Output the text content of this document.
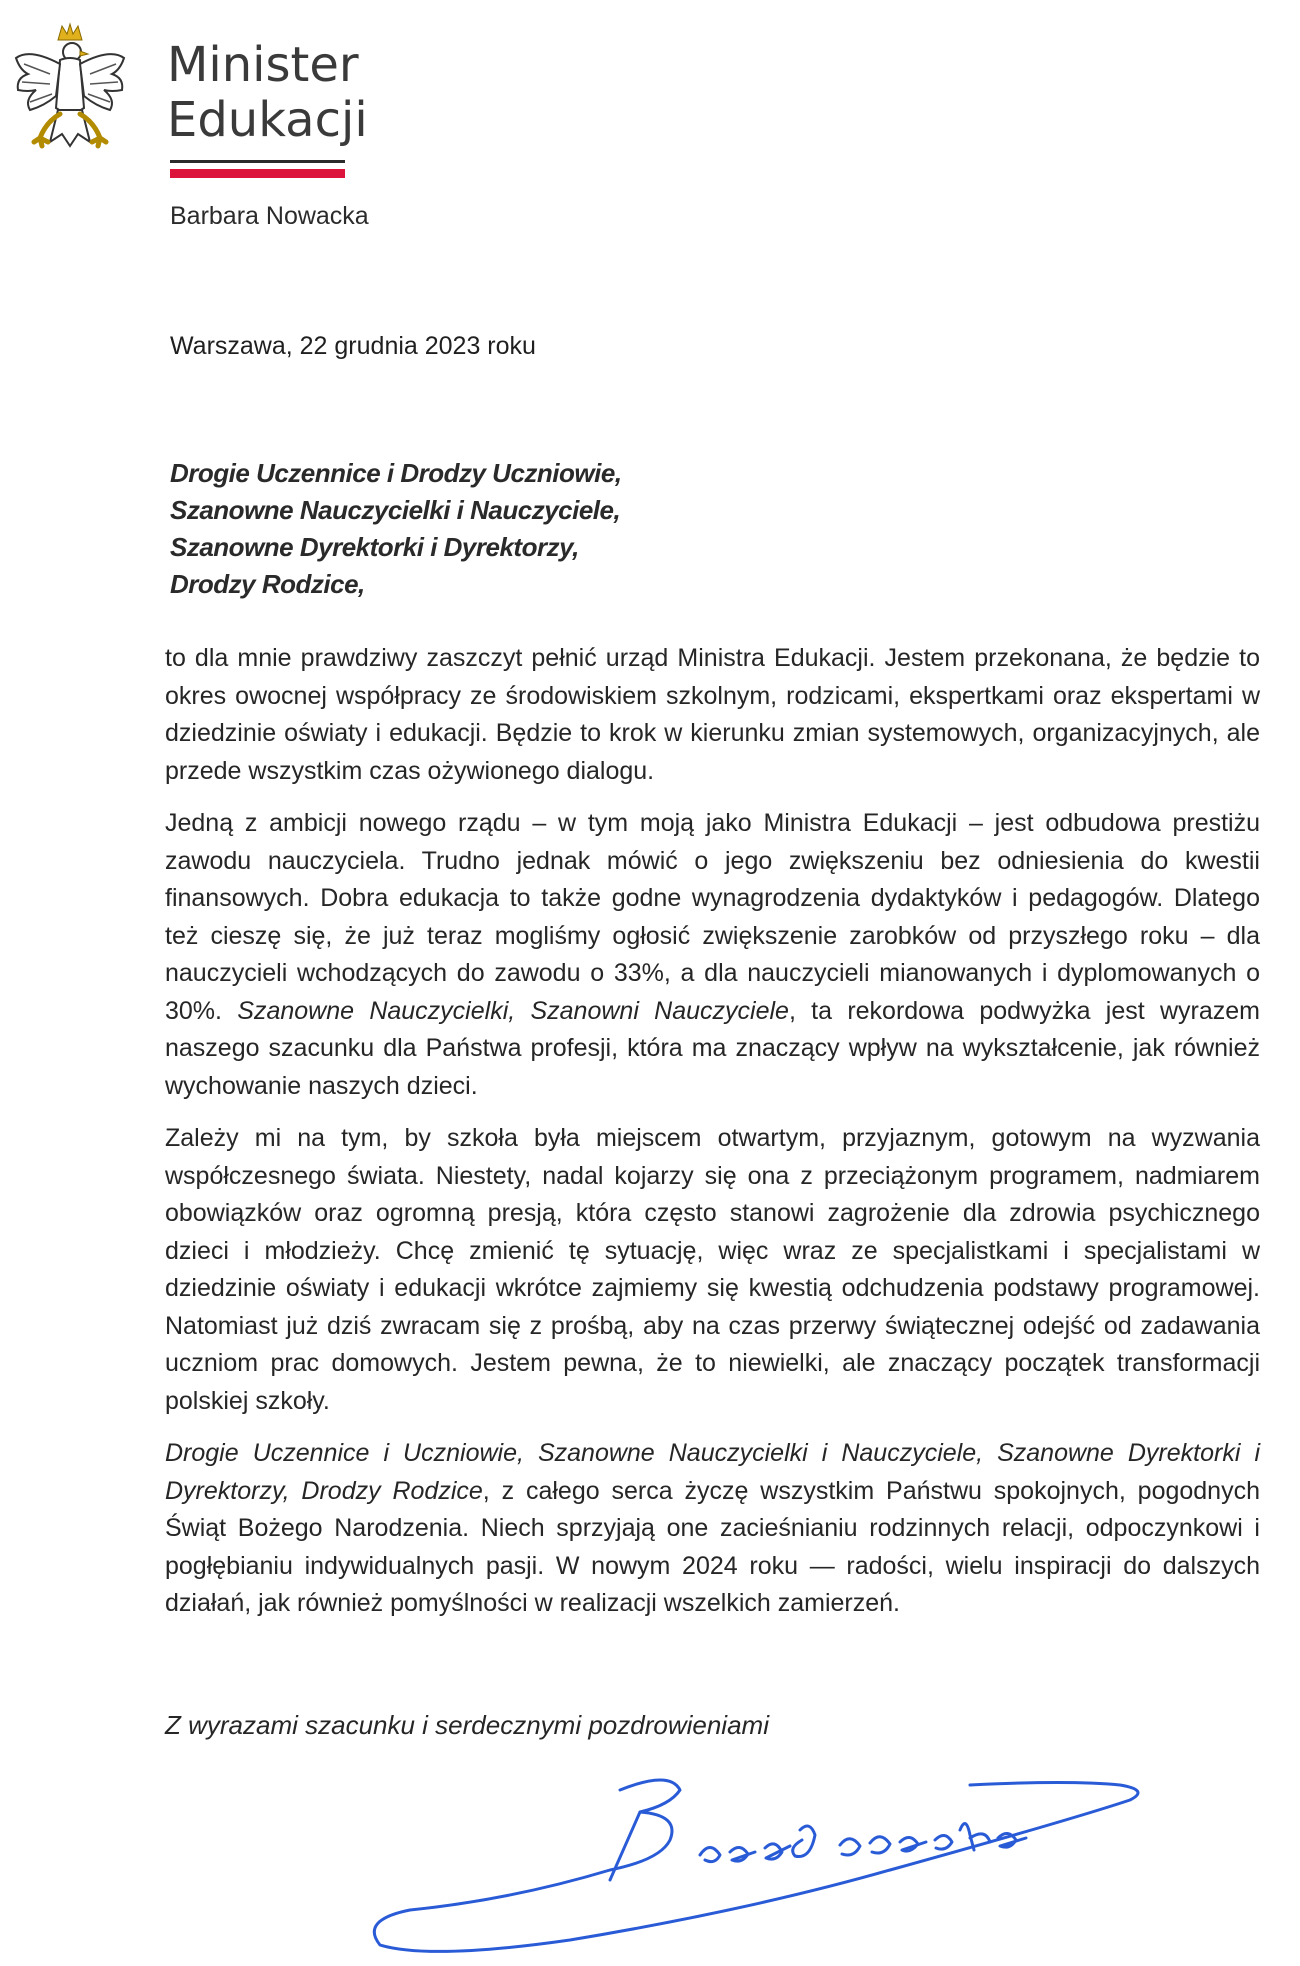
Minister
Edukacji
Barbara Nowacka
Warszawa, 22 grudnia 2023 roku
Drogie Uczennice i Drodzy Uczniowie,
Szanowne Nauczycielki i Nauczyciele,
Szanowne Dyrektorki i Dyrektorzy,
Drodzy Rodzice,

to dla mnie prawdziwy zaszczyt pełnić urząd Ministra Edukacji. Jestem przekonana, że będzie to okres owocnej współpracy ze środowiskiem szkolnym, rodzicami, ekspertkami oraz ekspertami w dziedzinie oświaty i edukacji. Będzie to krok w kierunku zmian systemowych, organizacyjnych, ale przede wszystkim czas ożywionego dialogu.

Jedną z ambicji nowego rządu – w tym moją jako Ministra Edukacji – jest odbudowa prestiżu zawodu nauczyciela. Trudno jednak mówić o jego zwiększeniu bez odniesienia do kwestii finansowych. Dobra edukacja to także godne wynagrodzenia dydaktyków i pedagogów. Dlatego też cieszę się, że już teraz mogliśmy ogłosić zwiększenie zarobków od przyszłego roku – dla nauczycieli wchodzących do zawodu o 33%, a dla nauczycieli mianowanych i dyplomowanych o 30%. Szanowne Nauczycielki, Szanowni Nauczyciele, ta rekordowa podwyżka jest wyrazem naszego szacunku dla Państwa profesji, która ma znaczący wpływ na wykształcenie, jak również wychowanie naszych dzieci.

Zależy mi na tym, by szkoła była miejscem otwartym, przyjaznym, gotowym na wyzwania współczesnego świata. Niestety, nadal kojarzy się ona z przeciążonym programem, nadmiarem obowiązków oraz ogromną presją, która często stanowi zagrożenie dla zdrowia psychicznego dzieci i młodzieży. Chcę zmienić tę sytuację, więc wraz ze specjalistkami i specjalistami w dziedzinie oświaty i edukacji wkrótce zajmiemy się kwestią odchudzenia podstawy programowej. Natomiast już dziś zwracam się z prośbą, aby na czas przerwy świątecznej odejść od zadawania uczniom prac domowych. Jestem pewna, że to niewielki, ale znaczący początek transformacji polskiej szkoły.

Drogie Uczennice i Uczniowie, Szanowne Nauczycielki i Nauczyciele, Szanowne Dyrektorki i Dyrektorzy, Drodzy Rodzice, z całego serca życzę wszystkim Państwu spokojnych, pogodnych Świąt Bożego Narodzenia. Niech sprzyjają one zacieśnianiu rodzinnych relacji, odpoczynkowi i pogłębianiu indywidualnych pasji. W nowym 2024 roku — radości, wielu inspiracji do dalszych działań, jak również pomyślności w realizacji wszelkich zamierzeń.

Z wyrazami szacunku i serdecznymi pozdrowieniami
